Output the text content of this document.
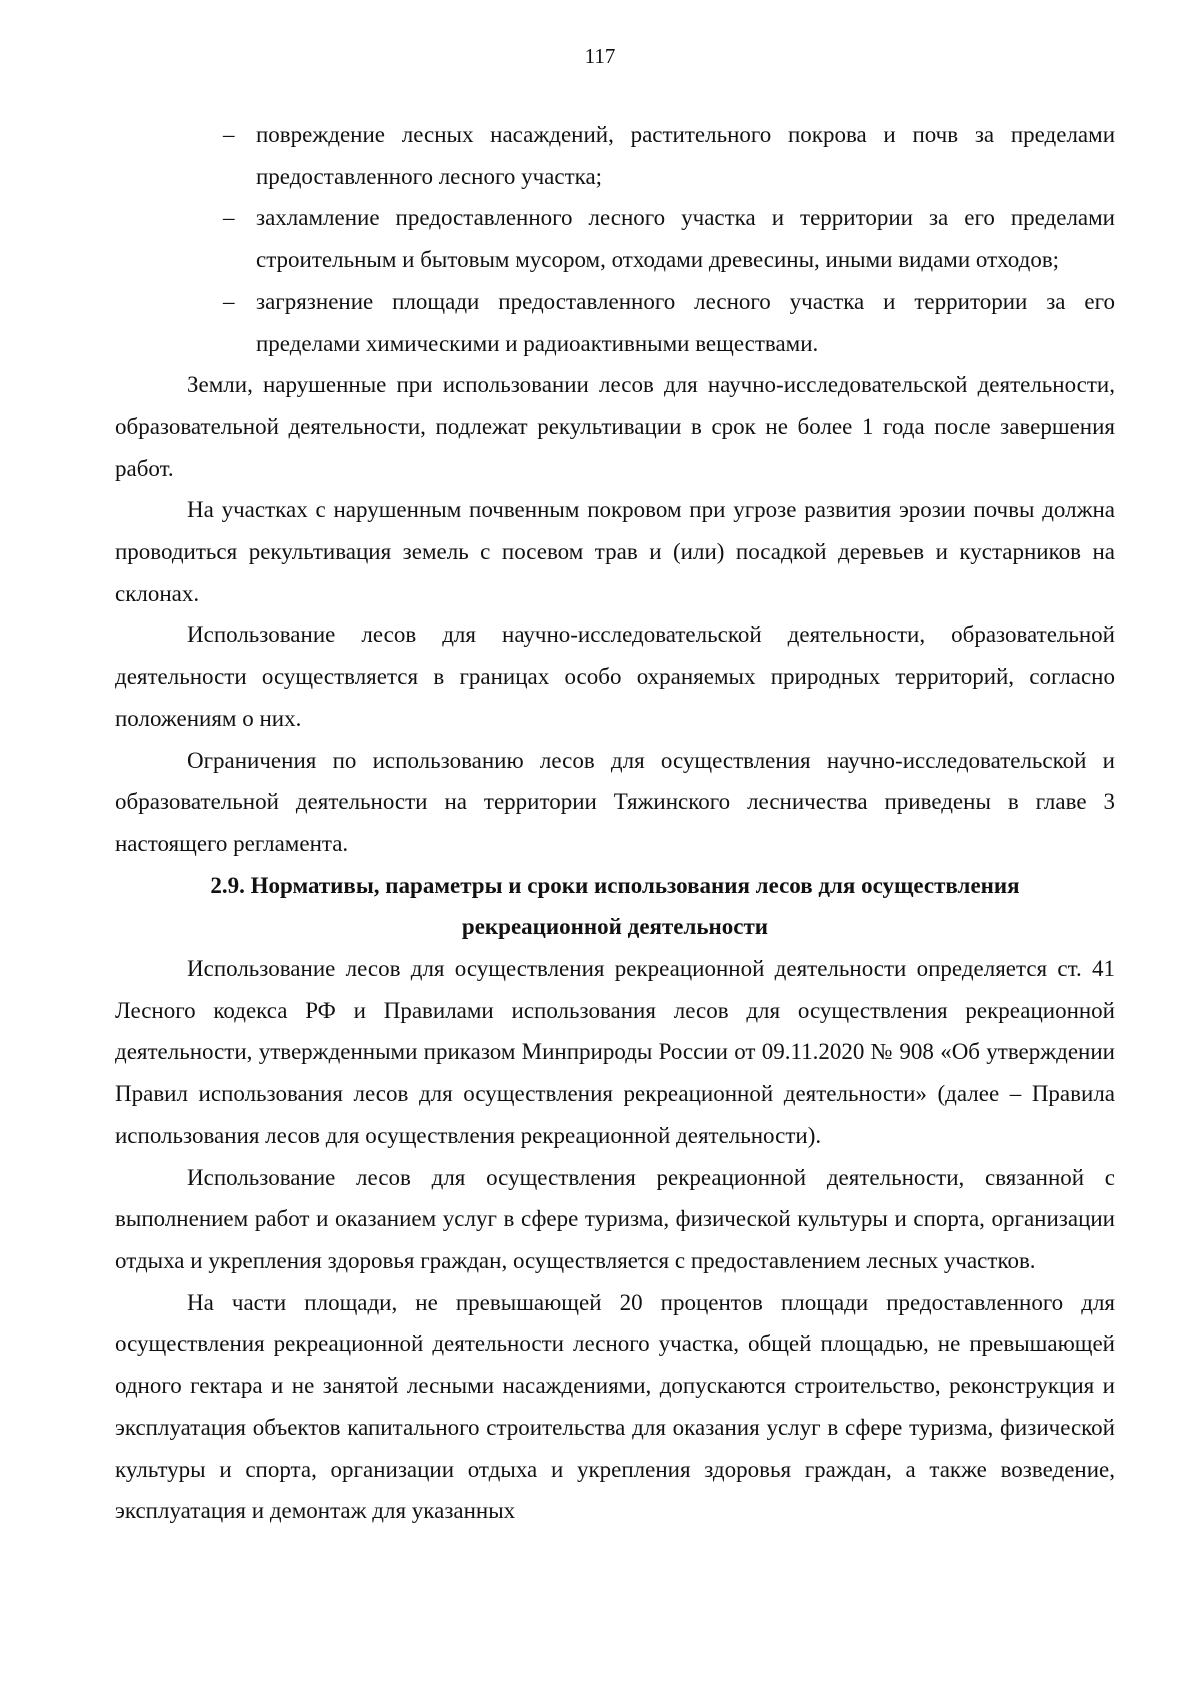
117
– повреждение лесных насаждений, растительного покрова и почв за пределами предоставленного лесного участка;
– захламление предоставленного лесного участка и территории за его пределами строительным и бытовым мусором, отходами древесины, иными видами отходов;
– загрязнение площади предоставленного лесного участка и территории за его пределами химическими и радиоактивными веществами.

Земли, нарушенные при использовании лесов для научно-исследовательской деятельности, образовательной деятельности, подлежат рекультивации в срок не более 1 года после завершения работ.

На участках с нарушенным почвенным покровом при угрозе развития эрозии почвы должна проводиться рекультивация земель с посевом трав и (или) посадкой деревьев и кустарников на склонах.

Использование лесов для научно-исследовательской деятельности, образовательной деятельности осуществляется в границах особо охраняемых природных территорий, согласно положениям о них.

Ограничения по использованию лесов для осуществления научно-исследовательской и образовательной деятельности на территории Тяжинского лесничества приведены в главе 3 настоящего регламента.

2.9. Нормативы, параметры и сроки использования лесов для осуществления рекреационной деятельности

Использование лесов для осуществления рекреационной деятельности определяется ст. 41 Лесного кодекса РФ и Правилами использования лесов для осуществления рекреационной деятельности, утвержденными приказом Минприроды России от 09.11.2020 № 908 «Об утверждении Правил использования лесов для осуществления рекреационной деятельности» (далее – Правила использования лесов для осуществления рекреационной деятельности).

Использование лесов для осуществления рекреационной деятельности, связанной с выполнением работ и оказанием услуг в сфере туризма, физической культуры и спорта, организации отдыха и укрепления здоровья граждан, осуществляется с предоставлением лесных участков.

На части площади, не превышающей 20 процентов площади предоставленного для осуществления рекреационной деятельности лесного участка, общей площадью, не превышающей одного гектара и не занятой лесными насаждениями, допускаются строительство, реконструкция и эксплуатация объектов капитального строительства для оказания услуг в сфере туризма, физической культуры и спорта, организации отдыха и укрепления здоровья граждан, а также возведение, эксплуатация и демонтаж для указанных
